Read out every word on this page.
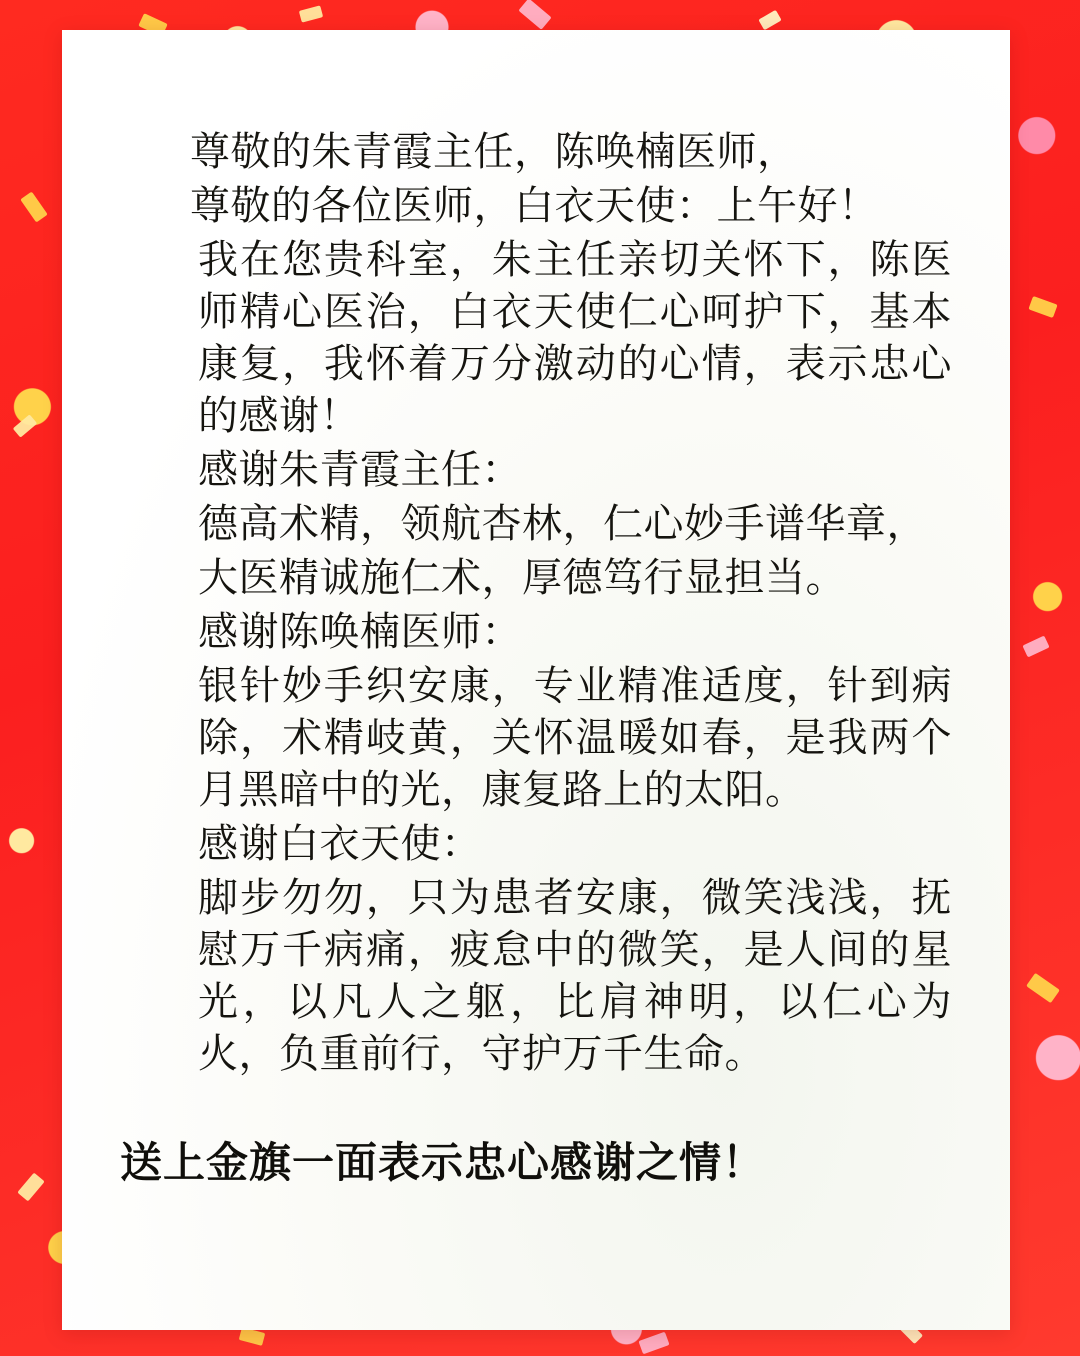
尊敬的朱青霞主任，陈唤楠医师，

尊敬的各位医师，白衣天使：上午好！

我在您贵科室，朱主任亲切关怀下，陈医师精心医治，白衣天使仁心呵护下，基本康复，我怀着万分激动的心情，表示忠心的感谢！

感谢朱青霞主任：

德高术精，领航杏林，仁心妙手谱华章，

大医精诚施仁术，厚德笃行显担当。

感谢陈唤楠医师：

银针妙手织安康，专业精准适度，针到病除，术精岐黄，关怀温暖如春，是我两个月黑暗中的光，康复路上的太阳。

感谢白衣天使：

脚步勿勿，只为患者安康，微笑浅浅，抚慰万千病痛，疲怠中的微笑，是人间的星光，以凡人之躯，比肩神明，以仁心为火，负重前行，守护万千生命。

送上金旗一面表示忠心感谢之情！
